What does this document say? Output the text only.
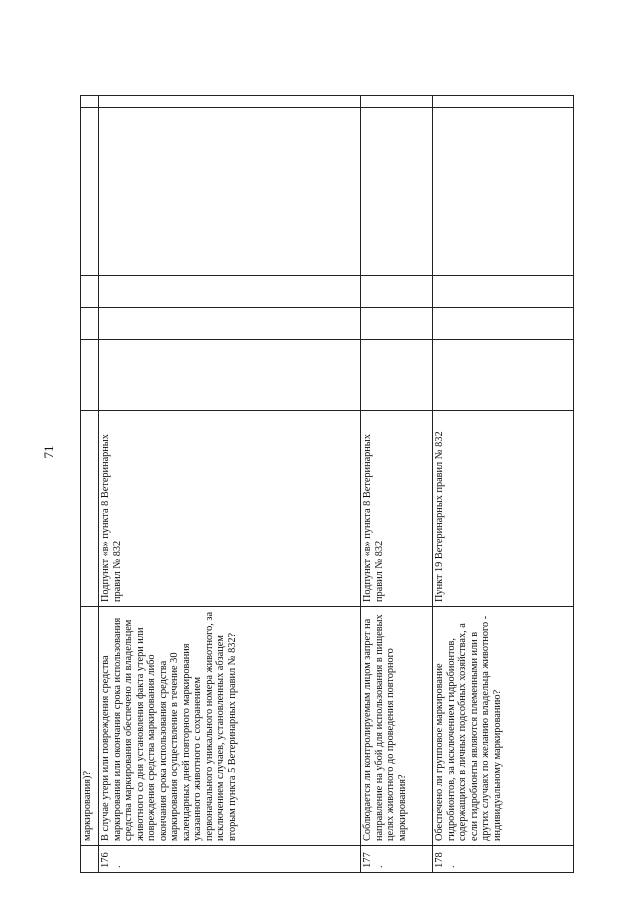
71
	маркирования)?						
176.	В случае утери или повреждения средства маркирования или окончания срока использования средства маркирования обеспечено ли владельцем животного со дня установления факта утери или повреждения средства маркирования либо окончания срока использования средства маркирования осуществление в течение 30 календарных дней повторного маркирования указанного животного с сохранением первоначального уникального номера животного, за исключением случаев, установленных абзацем вторым пункта 5 Ветеринарных правил № 832?	Подпункт «в» пункта 8 Ветеринарных правил № 832					
177.	Соблюдается ли контролируемым лицом запрет на направление на убой для использования в пищевых целях животного до проведения повторного маркирования?	Подпункт «в» пункта 8 Ветеринарных правил № 832					
178.	Обеспечено ли групповое маркирование гидробионтов, за исключением гидробионтов, содержащихся в личных подсобных хозяйствах, а если гидробионты являются племенными или в других случаях по желанию владельца животного - индивидуальному маркированию?	Пункт 19 Ветеринарных правил № 832					
